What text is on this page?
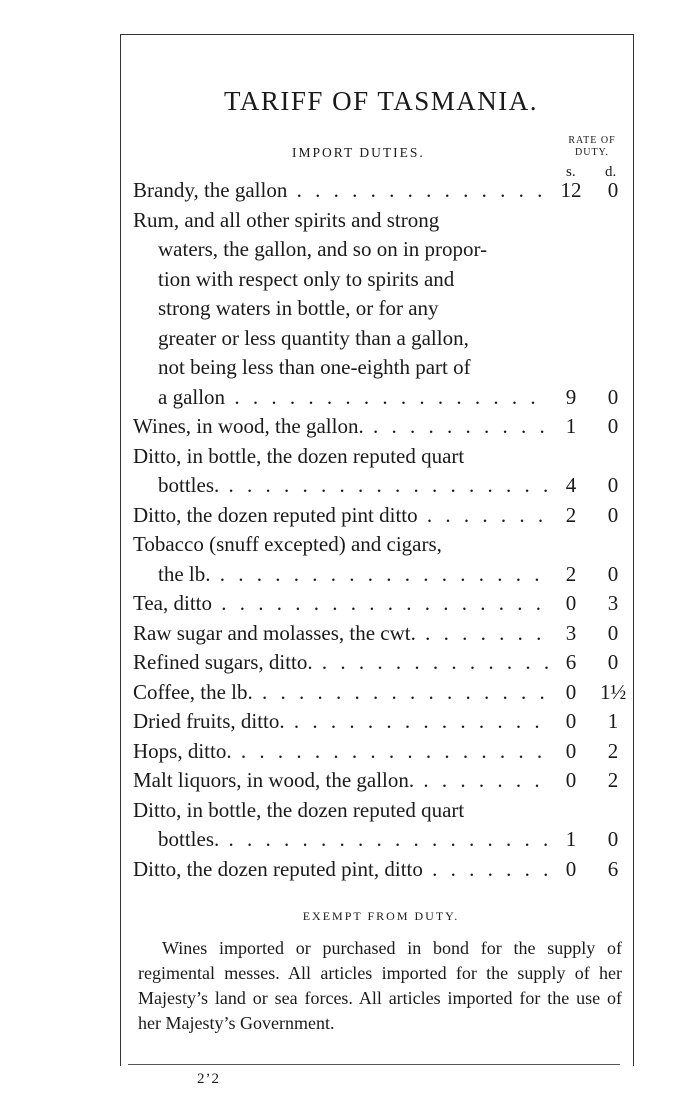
TARIFF OF TASMANIA.
IMPORT DUTIES.
RATE OF
DUTY.
s. d.
Brandy, the gallon . . .	12	0
Rum, and all other spirits and strong
waters, the gallon, and so on in propor-
tion with respect only to spirits and
strong waters in bottle, or for any
greater or less quantity than a gallon,
not being less than one-eighth part of
a gallon . . .	9	0
Wines, in wood, the gallon. . . .	1	0
Ditto, in bottle, the dozen reputed quart
bottles. . . .	4	0
Ditto, the dozen reputed pint ditto . . .	2	0
Tobacco (snuff excepted) and cigars,
the lb. . . .	2	0
Tea, ditto . . .	0	3
Raw sugar and molasses, the cwt. . . .	3	0
Refined sugars, ditto. . . .	6	0
Coffee, the lb. . . .	0	1½
Dried fruits, ditto. . . .	0	1
Hops, ditto. . . .	0	2
Malt liquors, in wood, the gallon. . . .	0	2
Ditto, in bottle, the dozen reputed quart
bottles. . . .	1	0
Ditto, the dozen reputed pint, ditto . . .	0	6
EXEMPT FROM DUTY.
Wines imported or purchased in bond for the supply of regimental messes. All articles imported for the supply of her Majesty’s land or sea forces. All articles imported for the use of her Majesty’s Government.
2’2
